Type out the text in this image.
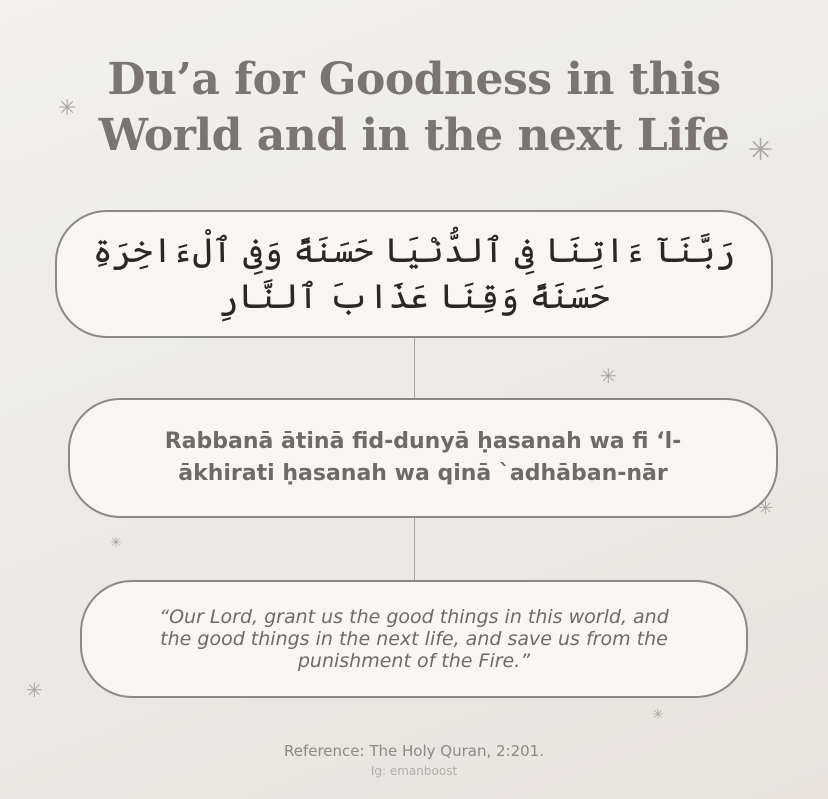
Du’a for Goodness in this
World and in the next Life
✳
✳
✳
✳
✳
✳
✳
رَبَّنَآ ءَاتِنَا فِى ٱلدُّنْيَا حَسَنَةً وَفِى ٱلْءَاخِرَةِ
حَسَنَةً وَقِنَا عَذَابَ ٱلنَّارِ
Rabbanā ātinā fid-dunyā ḥasanah wa fi ‘l-
ākhirati ḥasanah wa qinā `adhāban-nār
“Our Lord, grant us the good things in this world, and
the good things in the next life, and save us from the
punishment of the Fire.”
Reference: The Holy Quran, 2:201.
Ig: emanboost
